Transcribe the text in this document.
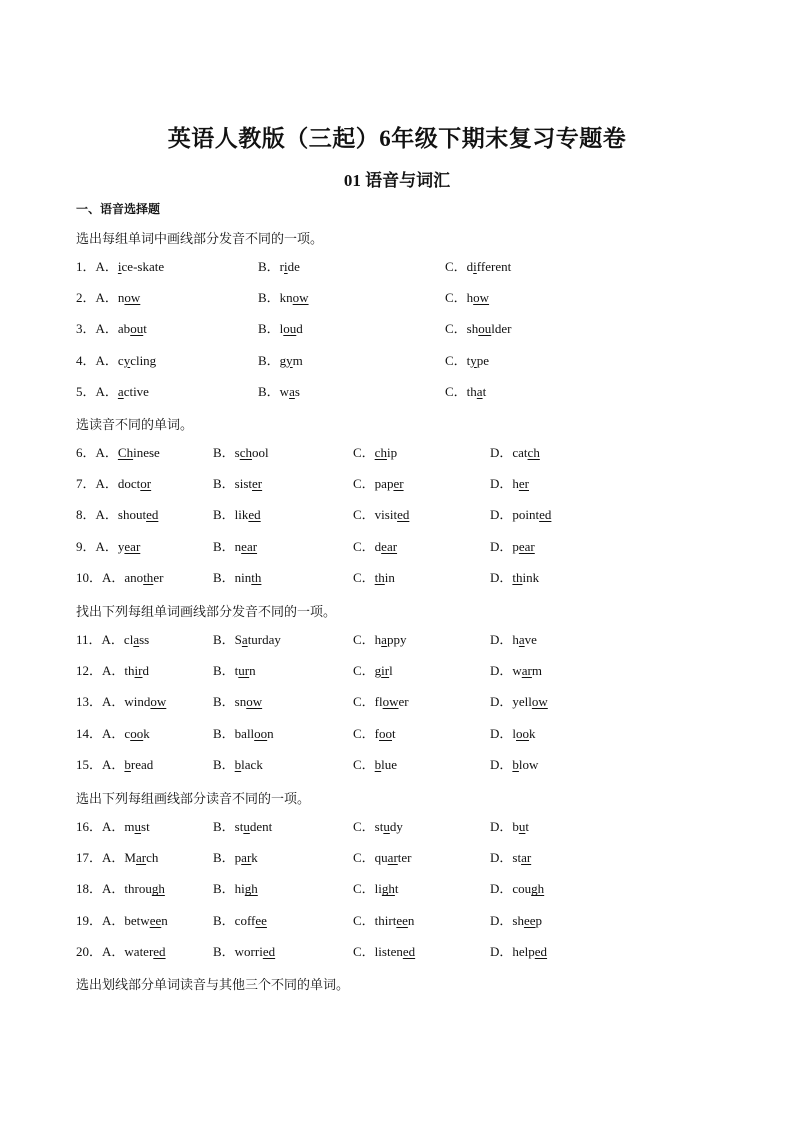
英语人教版（三起）6年级下期末复习专题卷
01 语音与词汇
一、语音选择题
选出每组单词中画线部分发音不同的一项。
1．A．ice-skate	B．ride	C．different
2．A．now	B．know	C．how
3．A．about	B．loud	C．shoulder
4．A．cycling	B．gym	C．type
5．A．active	B．was	C．that
选读音不同的单词。
6．A．Chinese	B．school	C．chip	D．catch
7．A．doctor	B．sister	C．paper	D．her
8．A．shouted	B．liked	C．visited	D．pointed
9．A．year	B．near	C．dear	D．pear
10．A．another	B．ninth	C．thin	D．think
找出下列每组单词画线部分发音不同的一项。
11．A．class	B．Saturday	C．happy	D．have
12．A．third	B．turn	C．girl	D．warm
13．A．window	B．snow	C．flower	D．yellow
14．A．cook	B．balloon	C．foot	D．look
15．A．bread	B．black	C．blue	D．blow
选出下列每组画线部分读音不同的一项。
16．A．must	B．student	C．study	D．but
17．A．March	B．park	C．quarter	D．star
18．A．through	B．high	C．light	D．cough
19．A．between	B．coffee	C．thirteen	D．sheep
20．A．watered	B．worried	C．listened	D．helped
选出划线部分单词读音与其他三个不同的单词。
